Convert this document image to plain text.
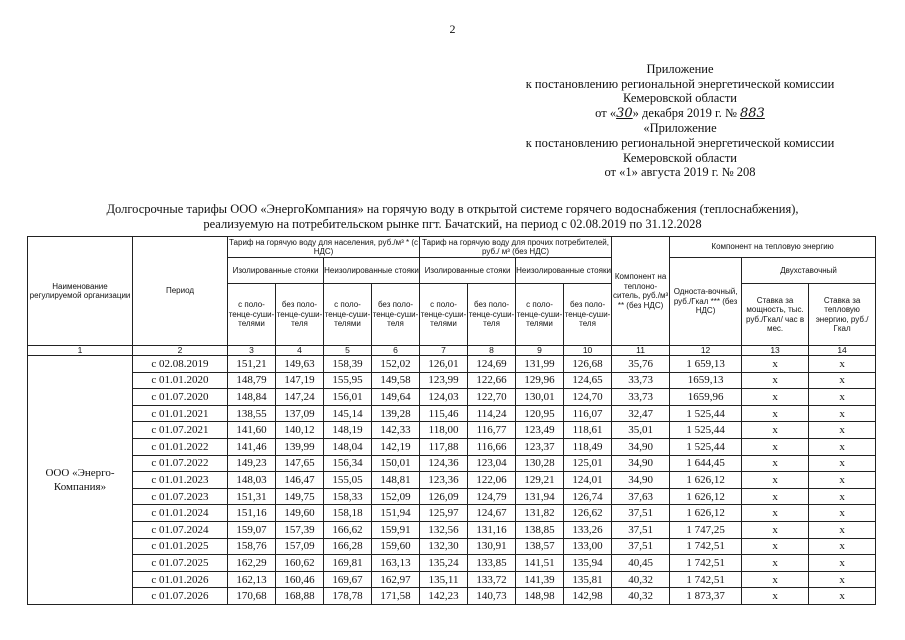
2
Приложение
к постановлению региональной энергетической комиссии
Кемеровской области
от «30» декабря 2019 г. № 883
«Приложение
к постановлению региональной энергетической комиссии
Кемеровской области
от «1» августа 2019 г. № 208
Долгосрочные тарифы ООО «ЭнергоКомпания» на горячую воду в открытой системе горячего водоснабжения (теплоснабжения),
реализуемую на потребительском рынке пгт. Бачатский, на период с 02.08.2019 по 31.12.2028
Наименование регулируемой организации	Период	Тариф на горячую воду для населения, руб./м³ * (с НДС)				Тариф на горячую воду для прочих потребителей, руб./ м³ (без НДС)				Компонент на теплоно-ситель, руб./м³ ** (без НДС)	Компонент на тепловую энергию		
		Изолированные стояки		Неизолированные стояки		Изолированные стояки		Неизолированные стояки			Односта-вочный, руб./Гкал *** (без НДС)	Двухставочный	
		с поло-тенце-суши-телями	без поло-тенце-суши-теля	с поло-тенце-суши-телями	без поло-тенце-суши-теля	с поло-тенце-суши-телями	без поло-тенце-суши-теля	с поло-тенце-суши-телями	без поло-тенце-суши-теля			Ставка за мощность, тыс. руб./Гкал/ час в мес.	Ставка за тепловую энергию, руб./Гкал

1	2	3	4	5	6	7	8	9	10	11	12	13	14
ООО «Энерго-Компания»	с 02.08.2019	151,21	149,63	158,39	152,02	126,01	124,69	131,99	126,68	35,76	1 659,13	х	х
	с 01.01.2020	148,79	147,19	155,95	149,58	123,99	122,66	129,96	124,65	33,73	1659,13	х	х
	с 01.07.2020	148,84	147,24	156,01	149,64	124,03	122,70	130,01	124,70	33,73	1659,96	х	х
	с 01.01.2021	138,55	137,09	145,14	139,28	115,46	114,24	120,95	116,07	32,47	1 525,44	х	х
	с 01.07.2021	141,60	140,12	148,19	142,33	118,00	116,77	123,49	118,61	35,01	1 525,44	х	х
	с 01.01.2022	141,46	139,99	148,04	142,19	117,88	116,66	123,37	118,49	34,90	1 525,44	х	х
	с 01.07.2022	149,23	147,65	156,34	150,01	124,36	123,04	130,28	125,01	34,90	1 644,45	х	х
	с 01.01.2023	148,03	146,47	155,05	148,81	123,36	122,06	129,21	124,01	34,90	1 626,12	х	х
	с 01.07.2023	151,31	149,75	158,33	152,09	126,09	124,79	131,94	126,74	37,63	1 626,12	х	х
	с 01.01.2024	151,16	149,60	158,18	151,94	125,97	124,67	131,82	126,62	37,51	1 626,12	х	х
	с 01.07.2024	159,07	157,39	166,62	159,91	132,56	131,16	138,85	133,26	37,51	1 747,25	х	х
	с 01.01.2025	158,76	157,09	166,28	159,60	132,30	130,91	138,57	133,00	37,51	1 742,51	х	х
	с 01.07.2025	162,29	160,62	169,81	163,13	135,24	133,85	141,51	135,94	40,45	1 742,51	х	х
	с 01.01.2026	162,13	160,46	169,67	162,97	135,11	133,72	141,39	135,81	40,32	1 742,51	х	х
	с 01.07.2026	170,68	168,88	178,78	171,58	142,23	140,73	148,98	142,98	40,32	1 873,37	х	х
